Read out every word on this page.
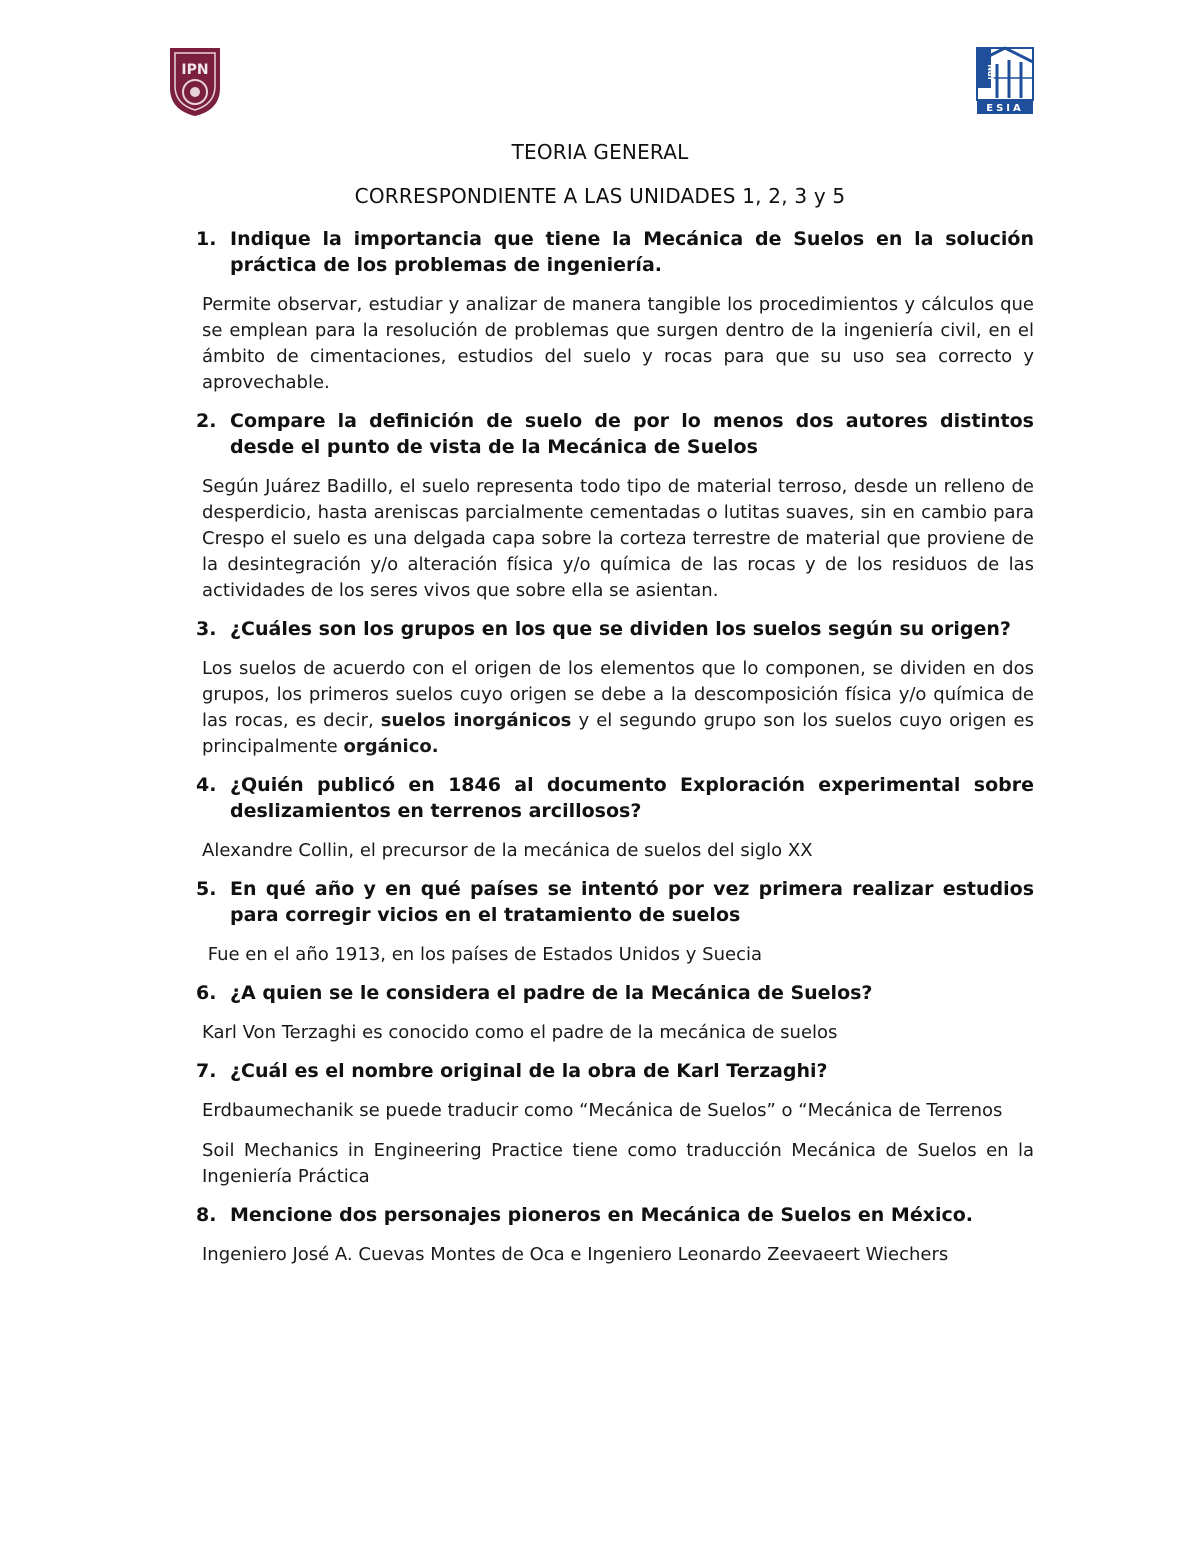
IPN	IPN
ESIA
TEORIA GENERAL
CORRESPONDIENTE A LAS UNIDADES 1, 2, 3 y 5
1. Indique la importancia que tiene la Mecánica de Suelos en la solución práctica de los problemas de ingeniería.
Permite observar, estudiar y analizar de manera tangible los procedimientos y cálculos que se emplean para la resolución de problemas que surgen dentro de la ingeniería civil, en el ámbito de cimentaciones, estudios del suelo y rocas para que su uso sea correcto y aprovechable.
2. Compare la definición de suelo de por lo menos dos autores distintos desde el punto de vista de la Mecánica de Suelos
Según Juárez Badillo, el suelo representa todo tipo de material terroso, desde un relleno de desperdicio, hasta areniscas parcialmente cementadas o lutitas suaves, sin en cambio para Crespo el suelo es una delgada capa sobre la corteza terrestre de material que proviene de la desintegración y/o alteración física y/o química de las rocas y de los residuos de las actividades de los seres vivos que sobre ella se asientan.
3. ¿Cuáles son los grupos en los que se dividen los suelos según su origen?
Los suelos de acuerdo con el origen de los elementos que lo componen, se dividen en dos grupos, los primeros suelos cuyo origen se debe a la descomposición física y/o química de las rocas, es decir, suelos inorgánicos y el segundo grupo son los suelos cuyo origen es principalmente orgánico.
4. ¿Quién publicó en 1846 al documento Exploración experimental sobre deslizamientos en terrenos arcillosos?
Alexandre Collin, el precursor de la mecánica de suelos del siglo XX
5. En qué año y en qué países se intentó por vez primera realizar estudios para corregir vicios en el tratamiento de suelos
Fue en el año 1913, en los países de Estados Unidos y Suecia
6. ¿A quien se le considera el padre de la Mecánica de Suelos?
Karl Von Terzaghi es conocido como el padre de la mecánica de suelos
7. ¿Cuál es el nombre original de la obra de Karl Terzaghi?
Erdbaumechanik se puede traducir como “Mecánica de Suelos” o “Mecánica de Terrenos
Soil Mechanics in Engineering Practice tiene como traducción Mecánica de Suelos en la Ingeniería Práctica
8. Mencione dos personajes pioneros en Mecánica de Suelos en México.
Ingeniero José A. Cuevas Montes de Oca e Ingeniero Leonardo Zeevaeert Wiechers
